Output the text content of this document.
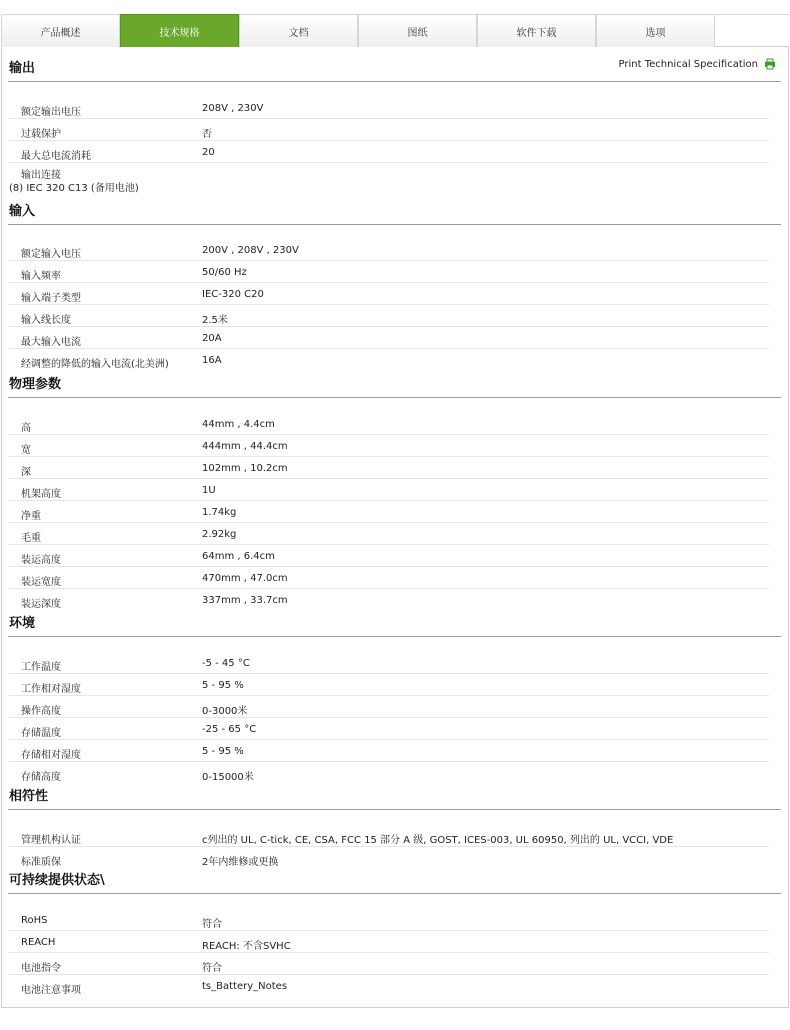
产品概述	技术规格	文档	图纸	软件下载	选项
Print Technical Specification
输出
额定输出电压	208V , 230V
过载保护	否
最大总电流消耗	20
输出连接
(8) IEC 320 C13 (备用电池)
输入
额定输入电压	200V , 208V , 230V
输入频率	50/60 Hz
输入端子类型	IEC-320 C20
输入线长度	2.5米
最大输入电流	20A
经调整的降低的输入电流(北美洲)	16A
物理参数
高	44mm , 4.4cm
宽	444mm , 44.4cm
深	102mm , 10.2cm
机架高度	1U
净重	1.74kg
毛重	2.92kg
装运高度	64mm , 6.4cm
装运宽度	470mm , 47.0cm
装运深度	337mm , 33.7cm
环境
工作温度	-5 - 45 °C
工作相对湿度	5 - 95 %
操作高度	0-3000米
存储温度	-25 - 65 °C
存储相对湿度	5 - 95 %
存储高度	0-15000米
相符性
管理机构认证	c列出的 UL, C-tick, CE, CSA, FCC 15 部分 A 级, GOST, ICES-003, UL 60950, 列出的 UL, VCCI, VDE
标准质保	2年内维修或更换
可持续提供状态\
RoHS	符合
REACH	REACH: 不含SVHC
电池指令	符合
电池注意事项	ts_Battery_Notes
